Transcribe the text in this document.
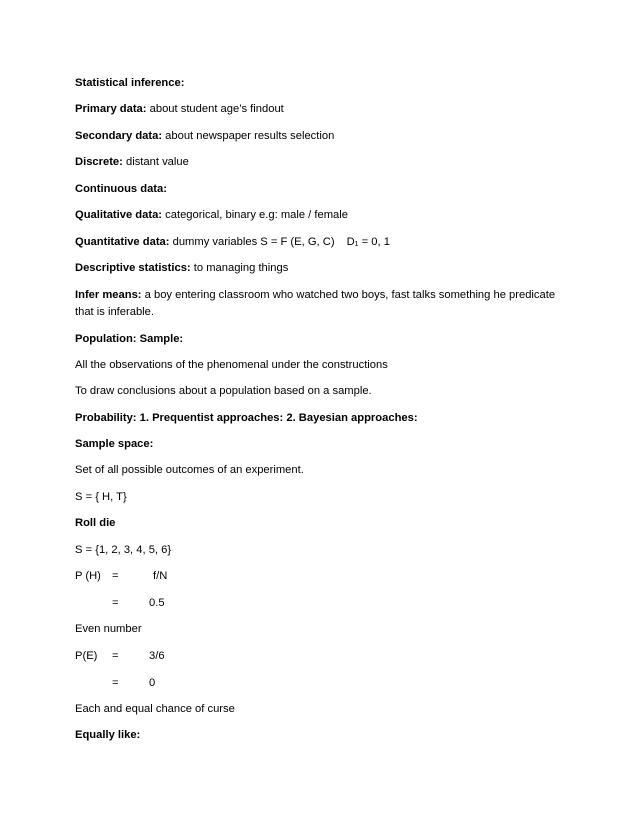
Statistical inference:
Primary data: about student age’s findout
Secondary data: about newspaper results selection
Discrete: distant value
Continuous data:
Qualitative data: categorical, binary e.g: male / female
Quantitative data: dummy variables S = F (E, G, C) $D_1 = 0$, 1
Descriptive statistics: to managing things
Infer means: a boy entering classroom who watched two boys, fast talks something he predicate that is inferable.
Population: Sample:
All the observations of the phenomenal under the constructions
To draw conclusions about a population based on a sample.
Probability: 1. Prequentist approaches: 2. Bayesian approaches:
Sample space:
Set of all possible outcomes of an experiment.
S = { H, T}
Roll die
S = {1, 2, 3, 4, 5, 6}
P (H) =	f/N
=	0.5
Even number
P(E) =	3/6
=	0
Each and equal chance of curse
Equally like:
